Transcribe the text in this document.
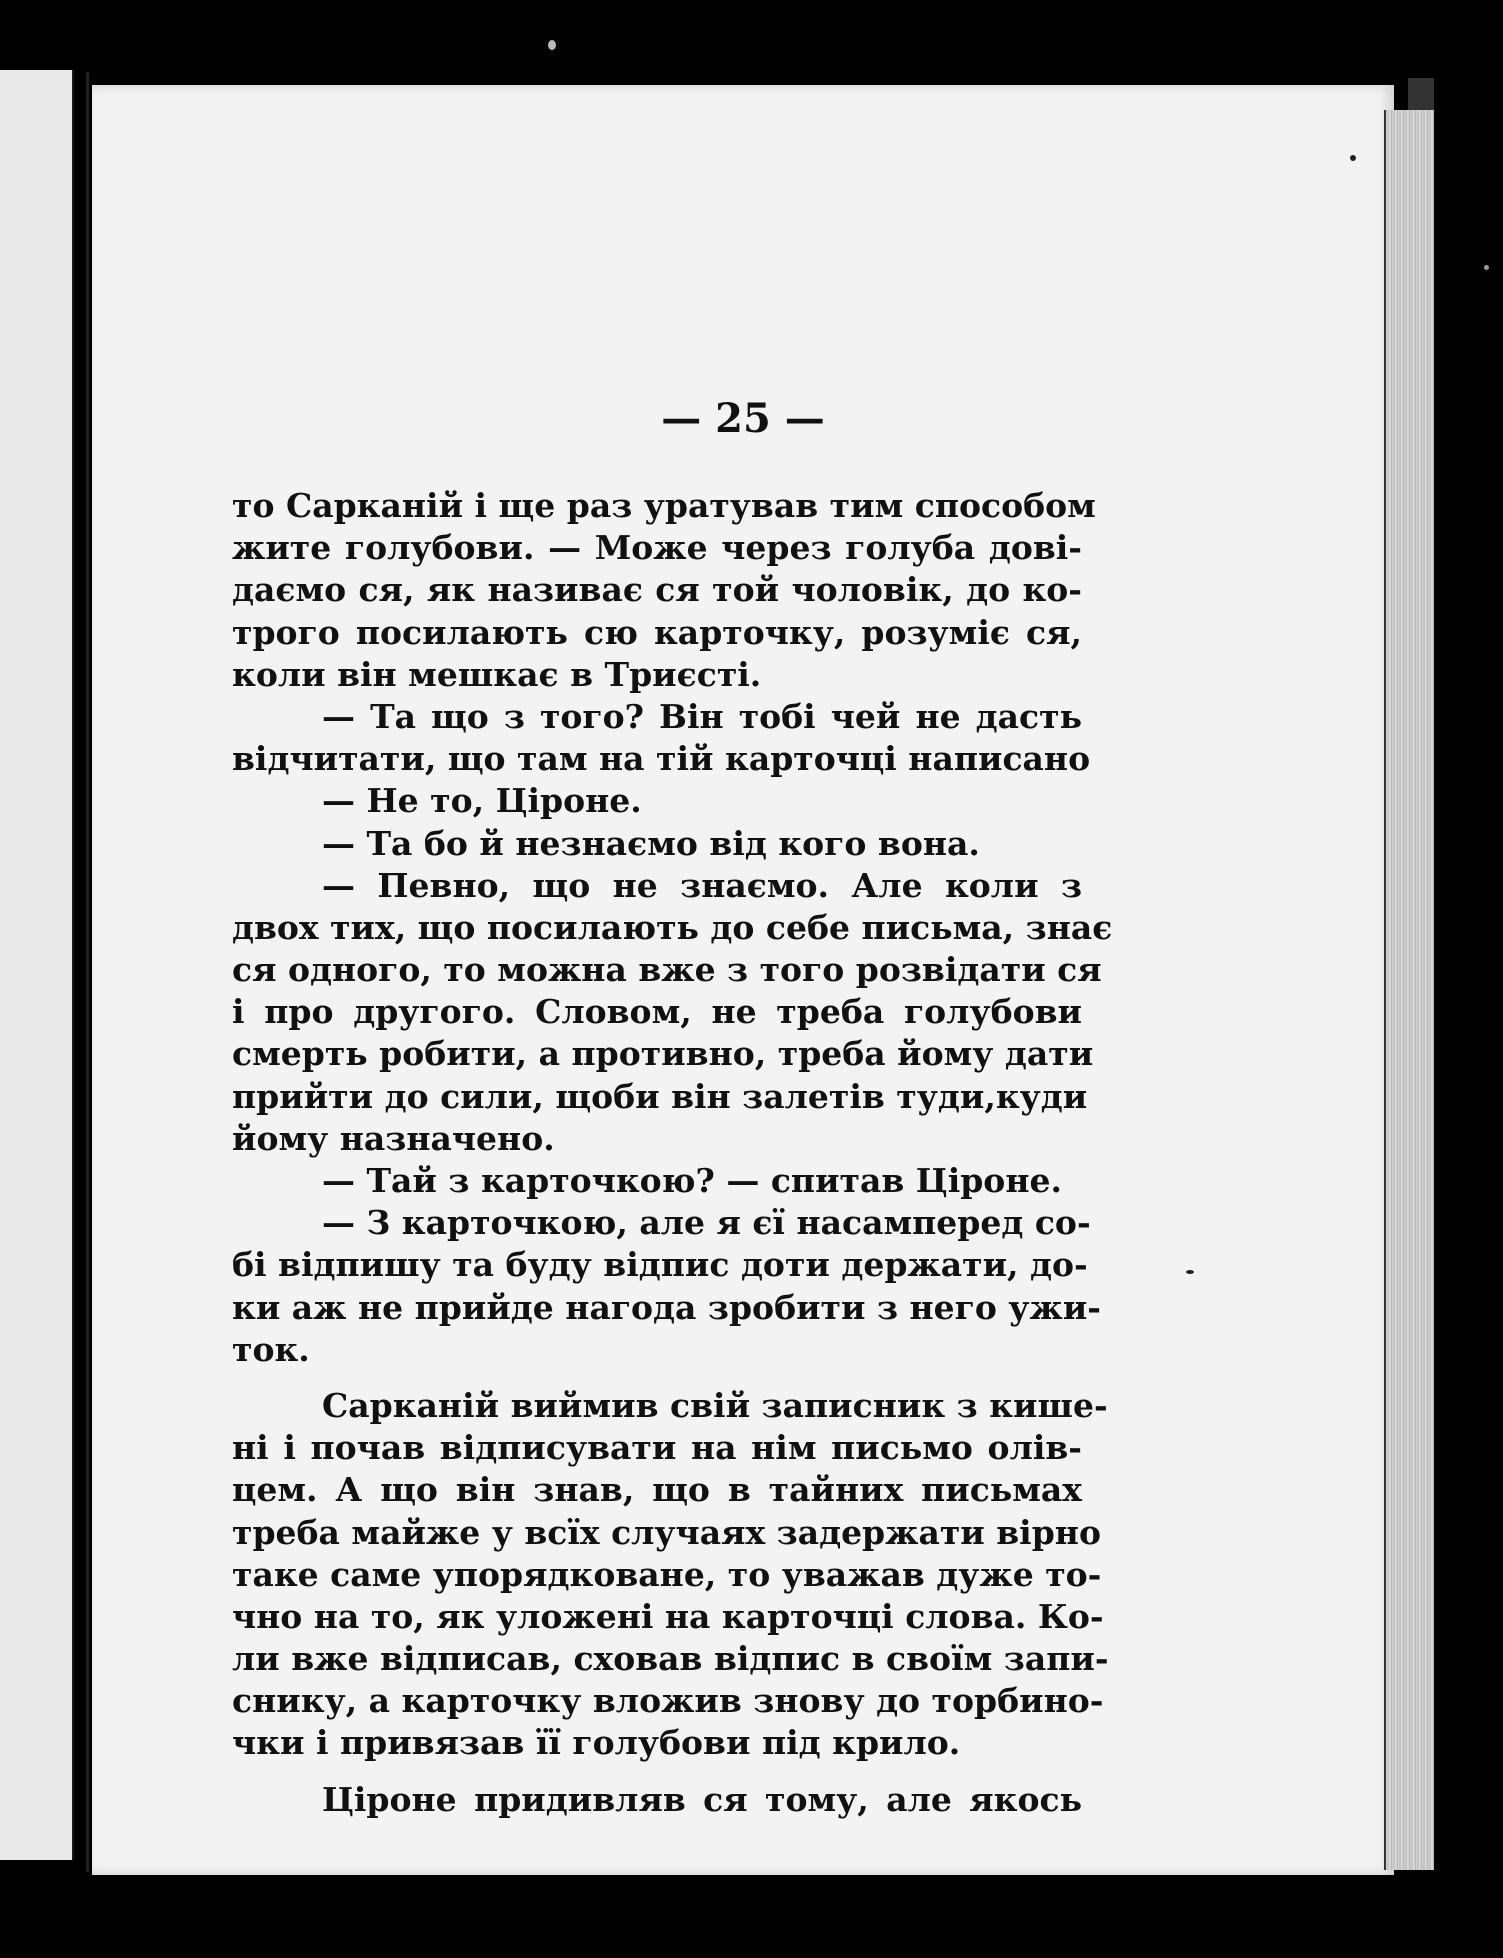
— 25 —
то Сарканій і ще раз уратував тим способом
жите голубови. — Може через голуба дові-
даємо ся, як називає ся той чоловік, до ко-
трого посилають сю карточку, розуміє ся,
коли він мешкає в Триєсті.
— Та що з того? Він тобі чей не дасть
відчитати, що там на тій карточці написано
— Не то, Ціроне.
— Та бо й незнаємо від кого вона.
— Певно, що не знаємо. Але коли з
двох тих, що посилають до себе письма, знає
ся одного, то можна вже з того розвідати ся
і про другого. Словом, не треба голубови
смерть робити, а противно, треба йому дати
прийти до сили, щоби він залетів туди,куди
йому назначено.
— Тай з карточкою? — спитав Ціроне.
— З карточкою, але я єї насамперед со-
бі відпишу та буду відпис доти держати, до-
ки аж не прийде нагода зробити з него ужи-
ток.
Сарканій виймив свій записник з кише-
ні і почав відписувати на нім письмо олів-
цем. А що він знав, що в тайних письмах
треба майже у всїх случаях задержати вірно
таке саме упорядковане, то уважав дуже то-
чно на то, як уложені на карточці слова. Ко-
ли вже відписав, сховав відпис в своїм запи-
снику, а карточку вложив знову до торбино-
чки і привязав її голубови під крило.
Ціроне придивляв ся тому, але якось
